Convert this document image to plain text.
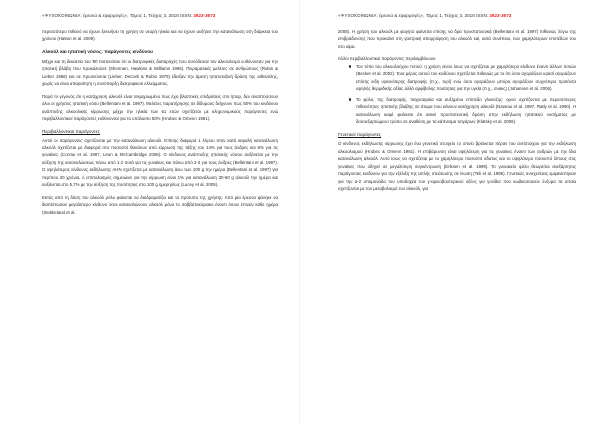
«ΨΥΧΟΚΟΙΝΩΝΙΑ: έρευνα & εφαρμογές», Τόμος 1, Τεύχος 3, 2018 ISSN: 2623-3673

περισσότερο πιθανό να έχουν ξεκινήσει τη χρήση σε νεαρή ηλικία και να έχουν αυξήσει την κατανάλωση στη διάρκεια του χρόνου (Hatton et al. 2009).

Αλκοόλ και ηπατική νόσος: παράγοντες κινδύνου

Μέχρι και τη δεκαετία του '80 πιστευόταν ότι οι διατροφικές διαταραχές που συνόδευαν τον αλκοολισμό ευθύνονταν για την ηπατική βλάβη που προκαλούσε (Sherman, Hawkins & Williams 1996). Πειραματικές μελέτες σε ανθρώπους (Rubin & Lieber 1968) και σε πρωτεύοντα (Lieber, DeCarli & Rubin 1975) έδειξαν την άμεση ηπατοτοξική δράση της αιθανόλης, χωρίς να είναι απαραίτητη η συνύπαρξη διατροφικού ελλείμματος.

Παρά το γεγονός ότι η κατάχρηση αλκοόλ είναι τεκμηριωμένο πως έχει βλαπτικές επιδράσεις στο ήπαρ, δεν αναπτύσσουν όλοι οι χρήστες ηπατική νόσο (Bellentani et al. 1997). Μελέτες παρατήρησης σε δίδυμους δείχνουν πως 50% του κινδύνου ανάπτυξης αλκοολικής κίρρωσης μέχρι την ηλικία των 61 ετών σχετίζεται με κληρονομικούς παράγοντες ενώ περιβαλλοντικοί παράγοντες ευθύνονται για το υπόλοιπο 50% (Hrubec & Omenn 1981).

Περιβαλλοντικοί παράγοντες

Αυτοί οι παράγοντες σχετίζονται με την κατανάλωση αλκοόλ. Επίσης διαφορά 1 λίτρου στην κατά κεφαλή κατανάλωση αλκοόλ σχετίζεται με διαφορά στο ποσοστό θανάτων από κίρρωση της τάξης του 14% για τους άνδρες και 8% για τις γυναίκες (Corrao et al. 1997, Leon & McCambridge 2006). Ο κίνδυνος ανάπτυξης ηπατικής νόσου αυξάνεται με την αύξηση της καταναλώσεως πάνω από 1-2 ποτά για τις γυναίκες και πάνω από 2-3 για τους άνδρες (Bellentani et al. 1997). Ο υψηλότερος κίνδυνος εκδήλωσης ΑΗΝ σχετίζεται με κατανάλωση άνω των 100 g την ημέρα (Bellentani et al. 1997) για περίπου 20 χρόνια, ο επιπολασμός σημειώνει για την κίρρωση είναι 1% για κατανάλωση 30-60 g αλκοόλ την ημέρα και αυξάνεται στο 5,7% με την αύξηση της ποσότητας στα 100 g ημερησίως (Lucey et al. 2009).

Εκτός από τη δόση του αλκοόλ ρόλο φαίνεται να διαδραματίζει και το πρότυπο της χρήσης. Από μία έρευνα φάνηκε να διαπίστωσαν μεγαλύτερο κίνδυνο όσοι καταναλώνουν αλκοόλ μόνο το σαββατοκύριακο έναντι όσων έπιναν κάθε ημέρα (Stokkeland et al.

«ΨΥΧΟΚΟΙΝΩΝΙΑ: έρευνα & εφαρμογές», Τόμος 1, Τεύχος 3, 2018 ISSN: 2623-3673

2008). Η χρήση του αλκοόλ με φαγητό φαίνεται επίσης να δρα προστατευτικά (Bellentani et al. 1997) πιθανώς λόγω της επιβράδυνσης που προκαλεί στη γαστρική απορρόφηση του αλκοόλ και, κατά συνέπεια, των χαμηλότερων επιπέδων του στο αίμα.

Άλλοι περιβαλλοντικοί παράγοντες περιλαμβάνουν:

Τον τύπο του αλκοολούχου ποτού: η χρήση οίνου ίσως να σχετίζεται με χαμηλότερο κίνδυνο έναντι άλλων ποτών (Becker et al. 2002). Ένα μέρος αυτού του κινδύνου σχετίζεται πιθανώς με το ότι όσοι αγοράζουν κρασί αγοράζουν επίσης ειδη υγιεινότερης διατροφής (π.χ., τυρί) ενώ όσοι αγοράζουν μπύρα αγοράζουν συχνότερα προϊόντα υψηλής θερμιδικής αξίας αλλά αμφίβολης ποιότητας για την υγεία (π.χ., σνακς) (Johansen et al. 2006).
Το φύλο, της διατροφής, παχυσαρκία και αυξημένο επίπεδο γλυκόζης: ορού σχετίζονται με περισσότερες πιθανότητες ηπατικής βλάβης σε άτομα που κάνουν κατάχρηση αλκοόλ (Naveau et al. 1997, Ratly et al. 1990). Η κατανάλωση καφέ φαίνεται ότι ασκεί προστατευτική δράση στην εκδήλωση ηπατικού νοσήματος με δοσοεξαρτώμενο τρόπο σε αναθέση με τα κάπνισμα τσιγάρων (Klatsky et al. 2006).
Γενετικοί παράγοντες

Ο κίνδυνος εκδήλωσης κίρρωσης έχει ένα γενετικό στοιχείο το οποίο βρίσκεται πέραν του αντίστοιχου για την εκδήλωση αλκοολισμού (Hrubec & Omenn 1981). Η επιβάρυνση είναι υψηλότερη για τις γυναίκες έναντι των ανδρών με την ίδια κατανάλωση αλκοόλ. Αυτό ίσως να σχετίζεται με το χαμηλότερο ποσοστό ύδατος και το υψηλότερο ποσοστό λίπους στις γυναίκες που οδηγεί σε μεγαλύτερη συγκέντρωση (Eriksen et al. 1999). Το γυναικείο φύλο θεωρείται ανεξάρτητος παράγοντας κινδύνου για την εξέλιξη της απλής στεάτωσης σε ίνωση (Teli et al. 1995). Γενετικές συσχετίσεις εμφανίστηκαν για την α-2 υπομονάδα του υποδοχέα του γ-αμινοβουτυρικού οξέος για γονίδια που κωδικοποιούν ένζυμα τα οποία σχετίζονται με τον μεταβολισμό του αλκοόλ, για
